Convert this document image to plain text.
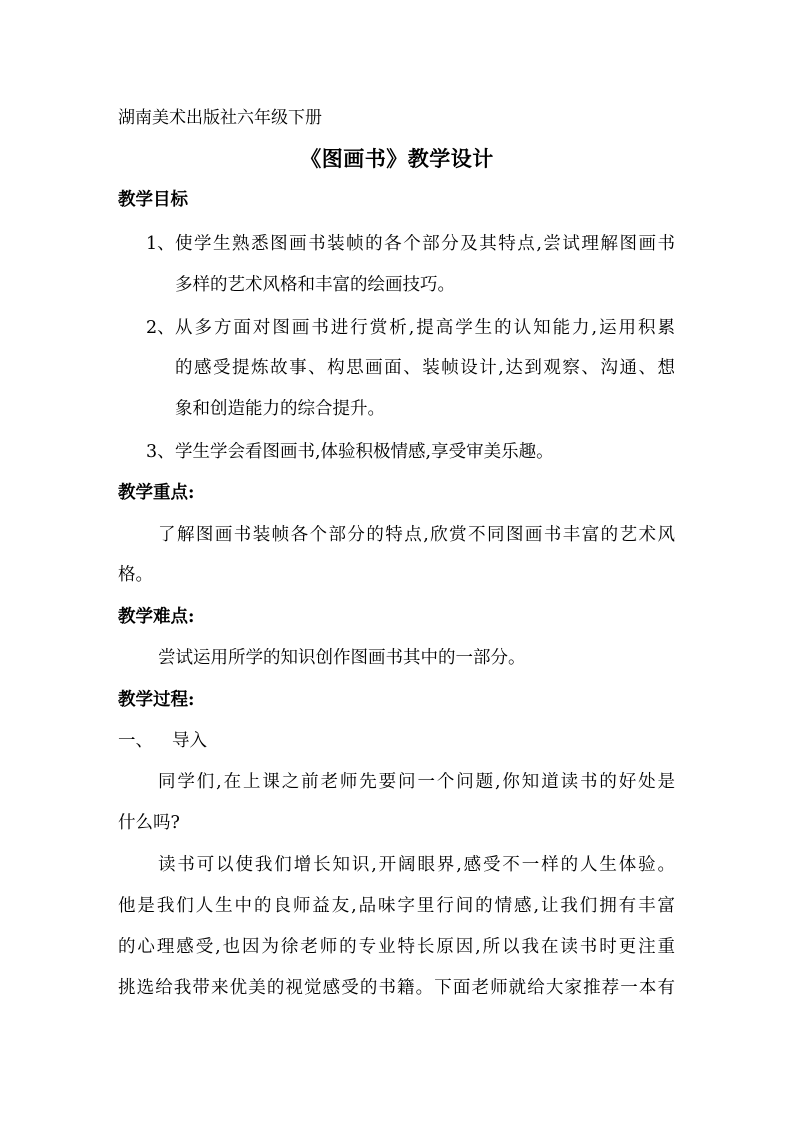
湖南美术出版社六年级下册
《图画书》教学设计
教学目标
1、 使学生熟悉图画书装帧的各个部分及其特点,尝试理解图画书
多样的艺术风格和丰富的绘画技巧。
2、 从多方面对图画书进行赏析,提高学生的认知能力,运用积累
的感受提炼故事、构思画面、装帧设计,达到观察、沟通、想
象和创造能力的综合提升。
3、 学生学会看图画书,体验积极情感,享受审美乐趣。
教学重点:
了解图画书装帧各个部分的特点,欣赏不同图画书丰富的艺术风
格。
教学难点:
尝试运用所学的知识创作图画书其中的一部分。
教学过程:
一、 导入
同学们,在上课之前老师先要问一个问题,你知道读书的好处是
什么吗?
读书可以使我们增长知识,开阔眼界,感受不一样的人生体验。
他是我们人生中的良师益友,品味字里行间的情感,让我们拥有丰富
的心理感受,也因为徐老师的专业特长原因,所以我在读书时更注重
挑选给我带来优美的视觉感受的书籍。下面老师就给大家推荐一本有
